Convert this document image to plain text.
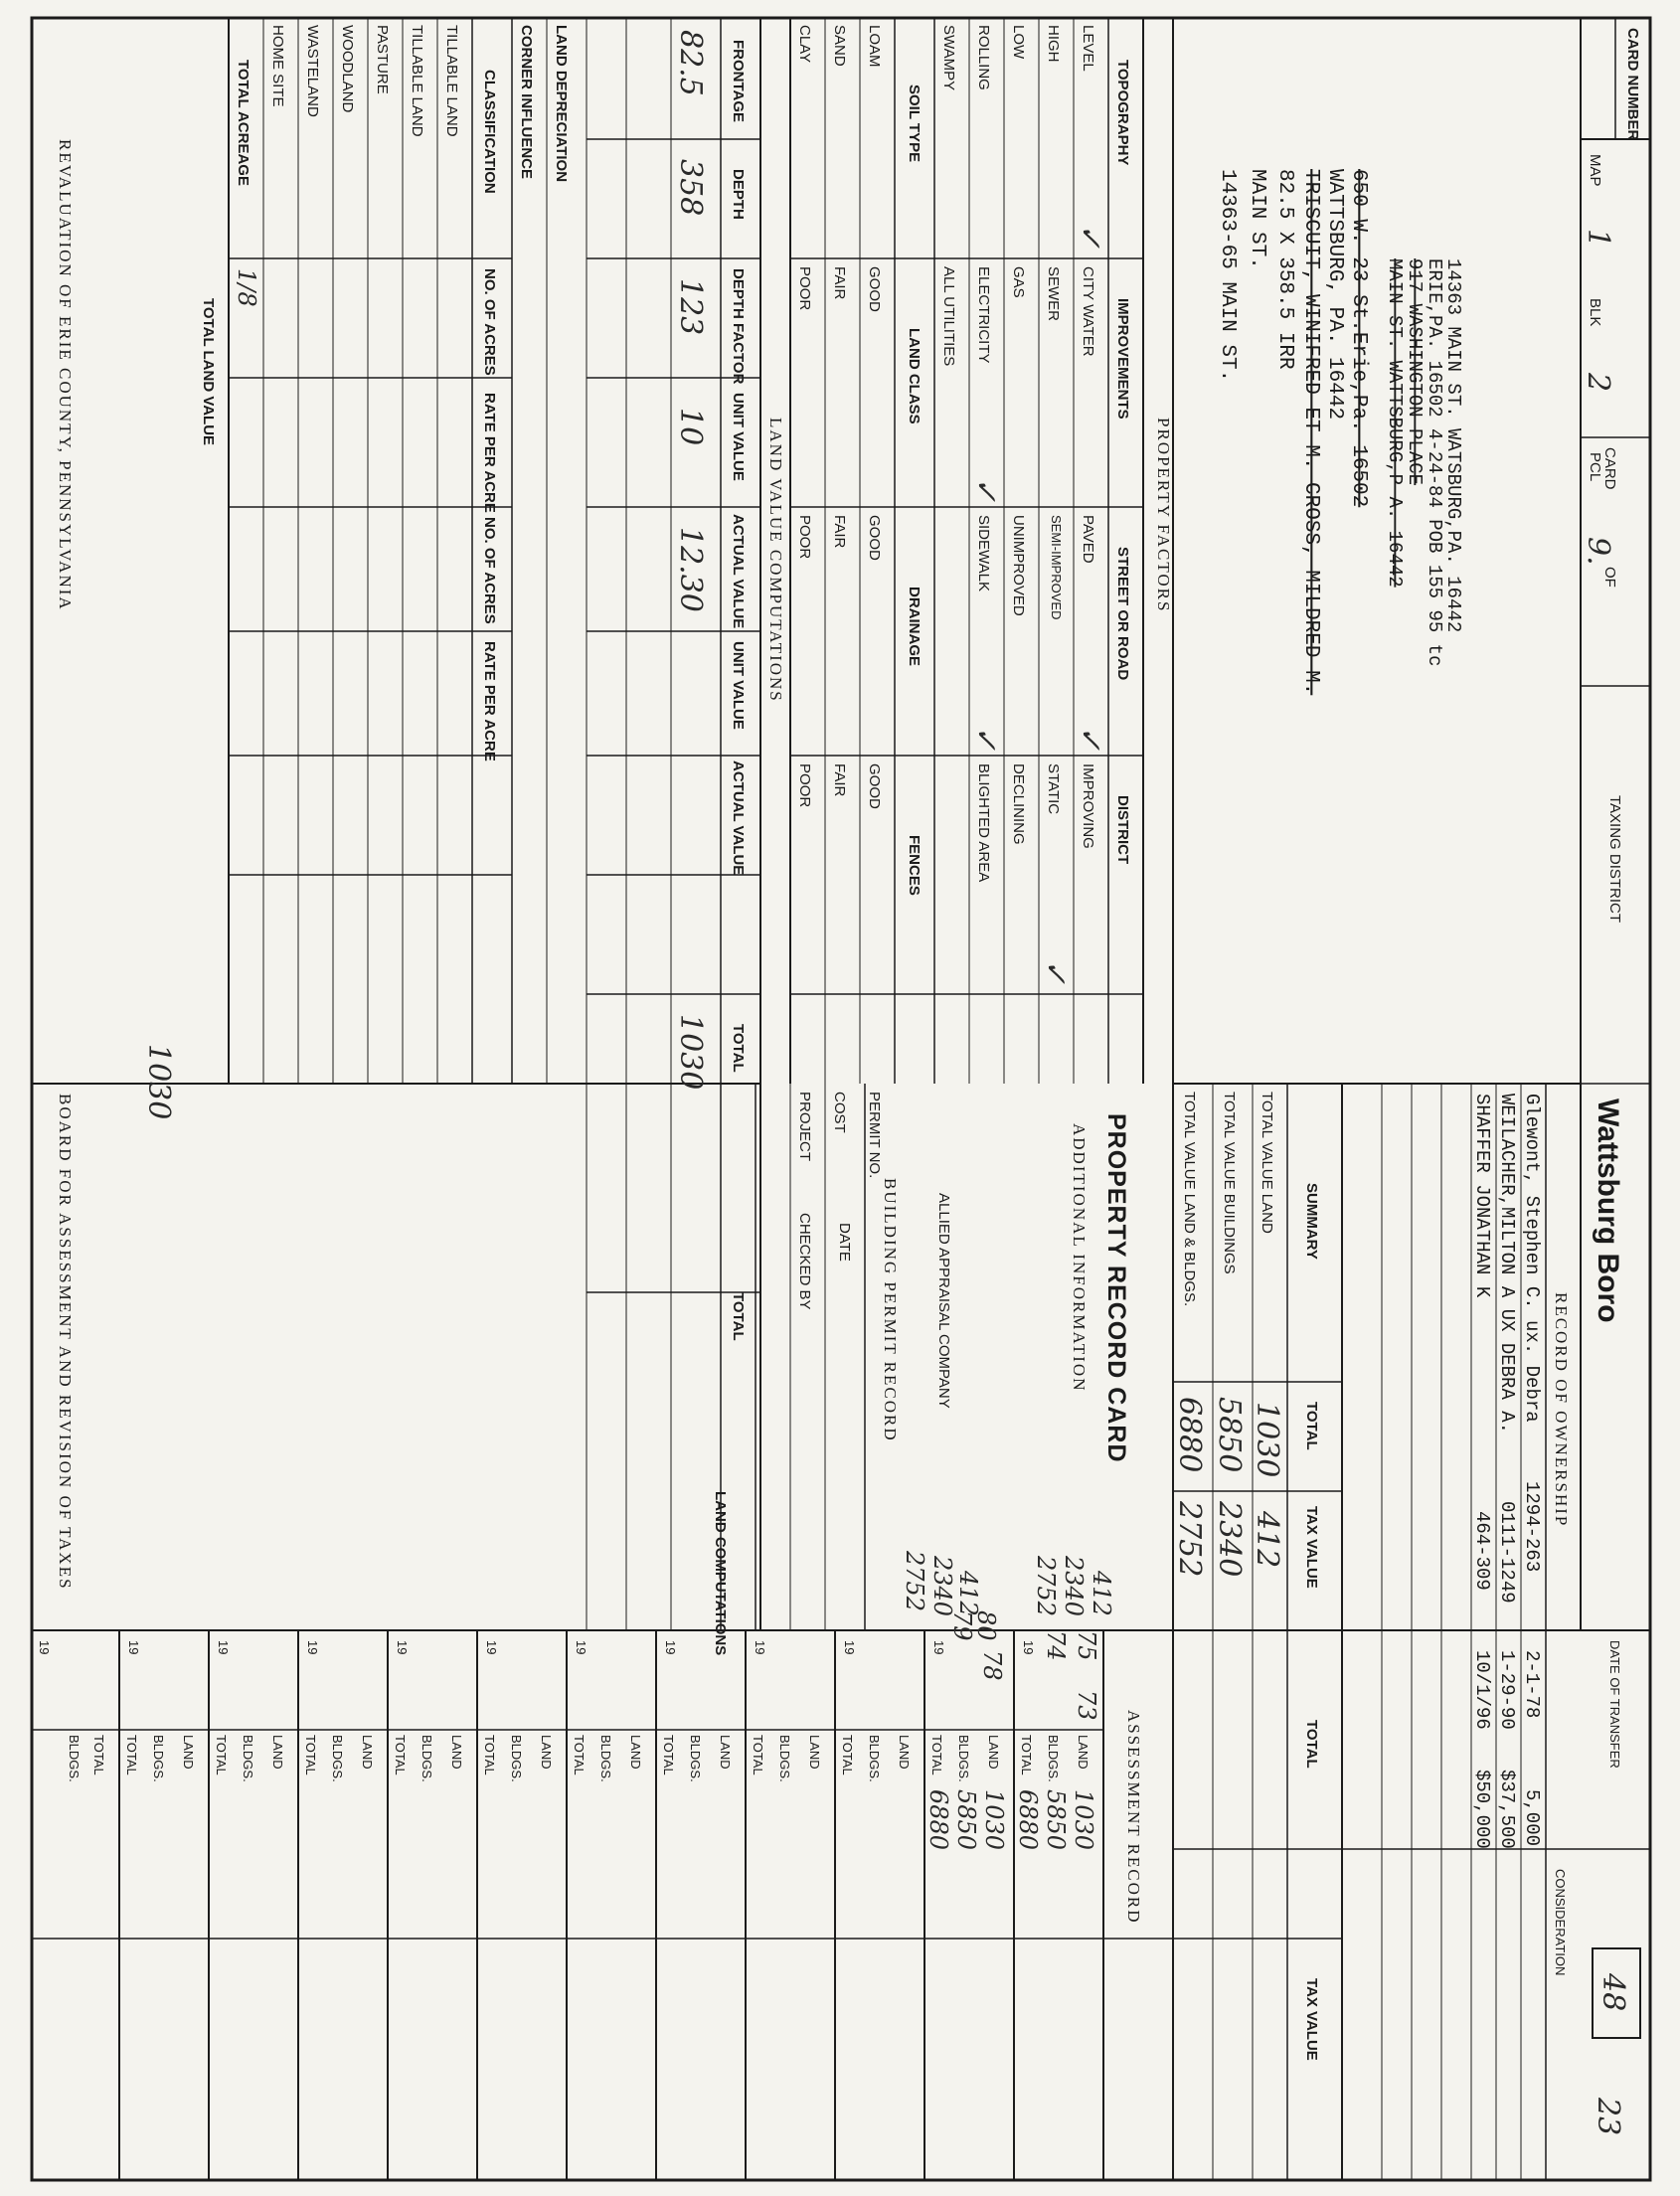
CARD NUMBER
MAP
1
BLK
2
PCL
9.
CARD
OF
TAXING DISTRICT
Wattsburg Boro
48
23
14363-65 MAIN ST. MAIN ST. 82.5 X 358.5 IRR TRISCUIT, WINIFRED ET M. CROSS, MILDRED M. WATTSBURG, PA. 16442 650 W. 23 St.Erie,Pa. 16502 MAIN ST. WATTSBURG,P A. 16442
917 WASHINGTON PLACE
ERIE,PA. 16502 4-24-84 POB 155 95 tc
14363 MAIN ST. WATSBURG,PA. 16442
RECORD OF OWNERSHIP
DATE OF TRANSFER
CONSIDERATION
Glewont, Stephen C. ux. Debra
1294-263
2-1-78
5,000
WEILACHER,MILTON A UX DEBRA A.
0111-1249
1-29-90
$37,500
SHAFFER JONATHAN K
464-309
10/1/96
$50,000
SUMMARY
TOTAL
TAX VALUE
TOTAL VALUE LAND
1030
412
TOTAL VALUE BUILDINGS
5850
2340
TOTAL VALUE LAND & BLDGS.
6880
2752
TOTAL
TAX VALUE
PROPERTY RECORD CARD
ADDITIONAL INFORMATION
412
2340
2752
412
2340
2752
ALLIED APPRAISAL COMPANY
BUILDING PERMIT RECORD
DATE
CHECKED BY
LAND COMPUTATIONS
ASSESSMENT RECORD
LAND
BLDGS.
TOTAL
1030
5850
6880
LAND
BLDGS.
TOTAL
1030
5850
6880
19
73
75
74
19
80
79
78
19
LAND
BLDGS.
TOTAL
19
LAND
BLDGS.
TOTAL
19
LAND
BLDGS.
TOTAL
19
LAND
BLDGS.
TOTAL
19
LAND
BLDGS.
TOTAL
19
LAND
BLDGS.
TOTAL
19
LAND
BLDGS.
TOTAL
19
LAND
BLDGS.
TOTAL
19
LAND
BLDGS.
TOTAL
19
TOTAL
BLDGS.
PROPERTY FACTORS
TOPOGRAPHY
IMPROVEMENTS
STREET OR ROAD
DISTRICT
LEVEL
HIGH
LOW
ROLLING
SWAMPY
✓
CITY WATER
SEWER
GAS
ELECTRICITY
ALL UTILITIES
✓
PAVED
SEMI-IMPROVED
UNIMPROVED
SIDEWALK
✓
✓
IMPROVING
STATIC
DECLINING
BLIGHTED AREA
✓
SOIL TYPE
LAND CLASS
DRAINAGE
FENCES
LOAM
SAND
CLAY
GOOD
FAIR
POOR
GOOD
FAIR
POOR
GOOD
FAIR
POOR
PERMIT NO.
COST
PROJECT
LAND VALUE COMPUTATIONS
FRONTAGE
DEPTH
DEPTH FACTOR
UNIT VALUE
ACTUAL VALUE
UNIT VALUE
ACTUAL VALUE
TOTAL
TOTAL
82.5
358
123
10
12.30
1030
LAND DEPRECIATION
CORNER INFLUENCE
CLASSIFICATION
NO. OF ACRES
RATE PER ACRE
NO. OF ACRES
RATE PER ACRE
TILLABLE LAND
TILLABLE LAND
PASTURE
WOODLAND
WASTELAND
HOME SITE
TOTAL ACREAGE
1/8
TOTAL LAND VALUE
1030
REVALUATION OF ERIE COUNTY, PENNSYLVANIA
BOARD FOR ASSESSMENT AND REVISION OF TAXES
